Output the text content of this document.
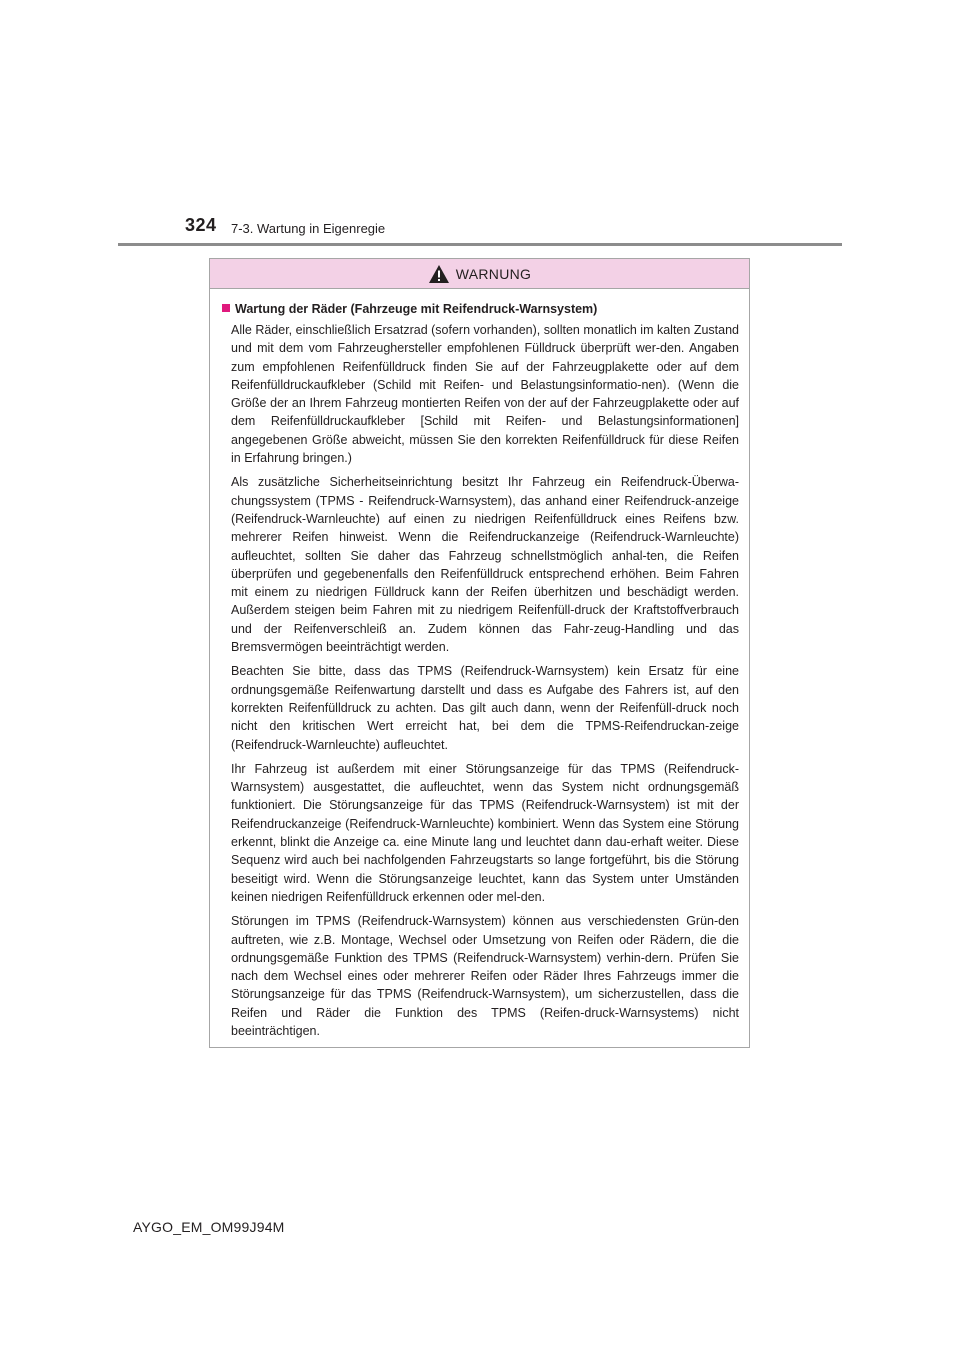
324 7-3. Wartung in Eigenregie
WARNUNG
Wartung der Räder (Fahrzeuge mit Reifendruck-Warnsystem)

Alle Räder, einschließlich Ersatzrad (sofern vorhanden), sollten monatlich im kalten Zustand und mit dem vom Fahrzeughersteller empfohlenen Fülldruck überprüft wer-den. Angaben zum empfohlenen Reifenfülldruck finden Sie auf der Fahrzeugplakette oder auf dem Reifenfülldruckaufkleber (Schild mit Reifen- und Belastungsinformatio-nen). (Wenn die Größe der an Ihrem Fahrzeug montierten Reifen von der auf der Fahrzeugplakette oder auf dem Reifenfülldruckaufkleber [Schild mit Reifen- und Belastungsinformationen] angegebenen Größe abweicht, müssen Sie den korrekten Reifenfülldruck für diese Reifen in Erfahrung bringen.)

Als zusätzliche Sicherheitseinrichtung besitzt Ihr Fahrzeug ein Reifendruck-Überwa-chungssystem (TPMS - Reifendruck-Warnsystem), das anhand einer Reifendruck-anzeige (Reifendruck-Warnleuchte) auf einen zu niedrigen Reifenfülldruck eines Reifens bzw. mehrerer Reifen hinweist. Wenn die Reifendruckanzeige (Reifendruck-Warnleuchte) aufleuchtet, sollten Sie daher das Fahrzeug schnellstmöglich anhal-ten, die Reifen überprüfen und gegebenenfalls den Reifenfülldruck entsprechend erhöhen. Beim Fahren mit einem zu niedrigen Fülldruck kann der Reifen überhitzen und beschädigt werden. Außerdem steigen beim Fahren mit zu niedrigem Reifenfüll-druck der Kraftstoffverbrauch und der Reifenverschleiß an. Zudem können das Fahr-zeug-Handling und das Bremsvermögen beeinträchtigt werden.

Beachten Sie bitte, dass das TPMS (Reifendruck-Warnsystem) kein Ersatz für eine ordnungsgemäße Reifenwartung darstellt und dass es Aufgabe des Fahrers ist, auf den korrekten Reifenfülldruck zu achten. Das gilt auch dann, wenn der Reifenfüll-druck noch nicht den kritischen Wert erreicht hat, bei dem die TPMS-Reifendruckan-zeige (Reifendruck-Warnleuchte) aufleuchtet.

Ihr Fahrzeug ist außerdem mit einer Störungsanzeige für das TPMS (Reifendruck-Warnsystem) ausgestattet, die aufleuchtet, wenn das System nicht ordnungsgemäß funktioniert. Die Störungsanzeige für das TPMS (Reifendruck-Warnsystem) ist mit der Reifendruckanzeige (Reifendruck-Warnleuchte) kombiniert. Wenn das System eine Störung erkennt, blinkt die Anzeige ca. eine Minute lang und leuchtet dann dau-erhaft weiter. Diese Sequenz wird auch bei nachfolgenden Fahrzeugstarts so lange fortgeführt, bis die Störung beseitigt wird. Wenn die Störungsanzeige leuchtet, kann das System unter Umständen keinen niedrigen Reifenfülldruck erkennen oder mel-den.

Störungen im TPMS (Reifendruck-Warnsystem) können aus verschiedensten Grün-den auftreten, wie z.B. Montage, Wechsel oder Umsetzung von Reifen oder Rädern, die die ordnungsgemäße Funktion des TPMS (Reifendruck-Warnsystem) verhin-dern. Prüfen Sie nach dem Wechsel eines oder mehrerer Reifen oder Räder Ihres Fahrzeugs immer die Störungsanzeige für das TPMS (Reifendruck-Warnsystem), um sicherzustellen, dass die Reifen und Räder die Funktion des TPMS (Reifen-druck-Warnsystems) nicht beeinträchtigen.

AYGO_EM_OM99J94M
